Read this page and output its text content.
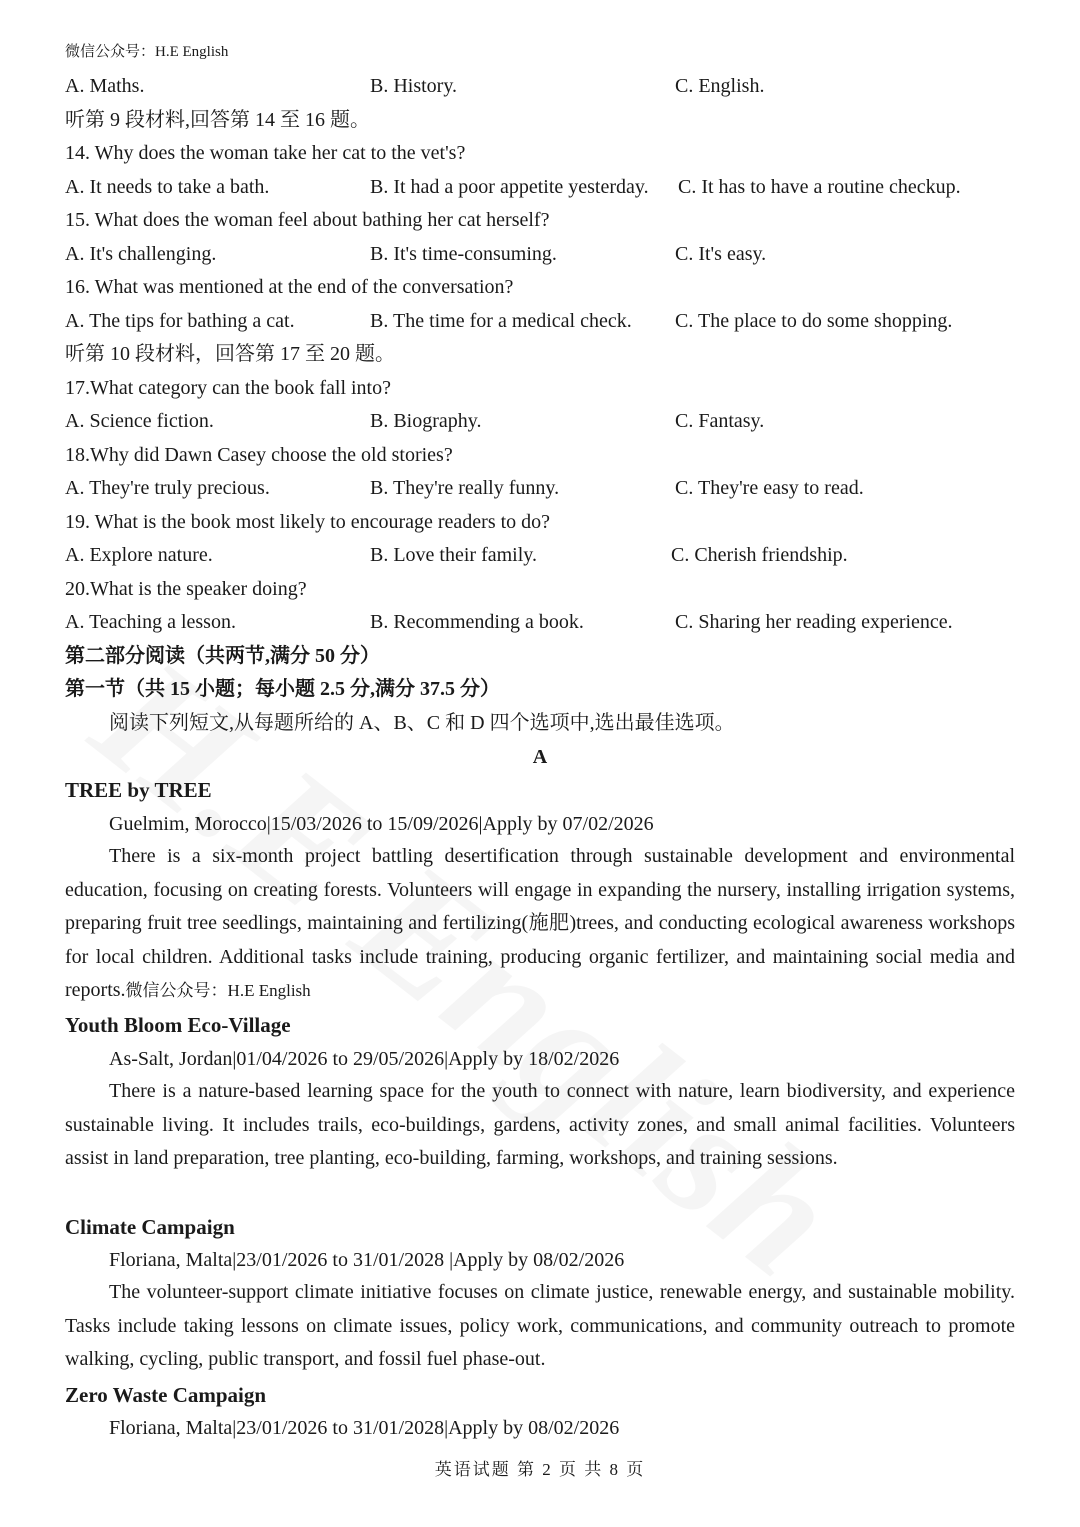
微信公众号：H.E English
A. Maths.	B. History.	C. English.
听第 9 段材料,回答第 14 至 16 题。
14. Why does the woman take her cat to the vet's?
A. It needs to take a bath.	B. It had a poor appetite yesterday. C. It has to have a routine checkup.
15. What does the woman feel about bathing her cat herself?
A. It's challenging.	B. It's time-consuming.	C. It's easy.
16. What was mentioned at the end of the conversation?
A. The tips for bathing a cat.	B. The time for a medical check. C. The place to do some shopping.
听第 10 段材料，回答第 17 至 20 题。
17.What category can the book fall into?
A. Science fiction.	B. Biography.	C. Fantasy.
18.Why did Dawn Casey choose the old stories?
A. They're truly precious.	B. They're really funny.	C. They're easy to read.
19. What is the book most likely to encourage readers to do?
A. Explore nature.	B. Love their family.	C. Cherish friendship.
20.What is the speaker doing?
A. Teaching a lesson.	B. Recommending a book.	C. Sharing her reading experience.
第二部分阅读（共两节,满分 50 分）
第一节（共 15 小题；每小题 2.5 分,满分 37.5 分）
阅读下列短文,从每题所给的 A、B、C 和 D 四个选项中,选出最佳选项。
A
TREE by TREE
Guelmim, Morocco|15/03/2026 to 15/09/2026|Apply by 07/02/2026

There is a six-month project battling desertification through sustainable development and environmental education, focusing on creating forests. Volunteers will engage in expanding the nursery, installing irrigation systems, preparing fruit tree seedlings, maintaining and fertilizing(施肥)trees, and conducting ecological awareness workshops for local children. Additional tasks include training, producing organic fertilizer, and maintaining social media and reports.微信公众号：H.E English

Youth Bloom Eco-Village
As-Salt, Jordan|01/04/2026 to 29/05/2026|Apply by 18/02/2026

There is a nature-based learning space for the youth to connect with nature, learn biodiversity, and experience sustainable living. It includes trails, eco-buildings, gardens, activity zones, and small animal facilities. Volunteers assist in land preparation, tree planting, eco-building, farming, workshops, and training sessions.

Climate Campaign
Floriana, Malta|23/01/2026 to 31/01/2028 |Apply by 08/02/2026

The volunteer-support climate initiative focuses on climate justice, renewable energy, and sustainable mobility. Tasks include taking lessons on climate issues, policy work, communications, and community outreach to promote walking, cycling, public transport, and fossil fuel phase-out.

Zero Waste Campaign
Floriana, Malta|23/01/2026 to 31/01/2028|Apply by 08/02/2026
英语试题 第 2 页 共 8 页
